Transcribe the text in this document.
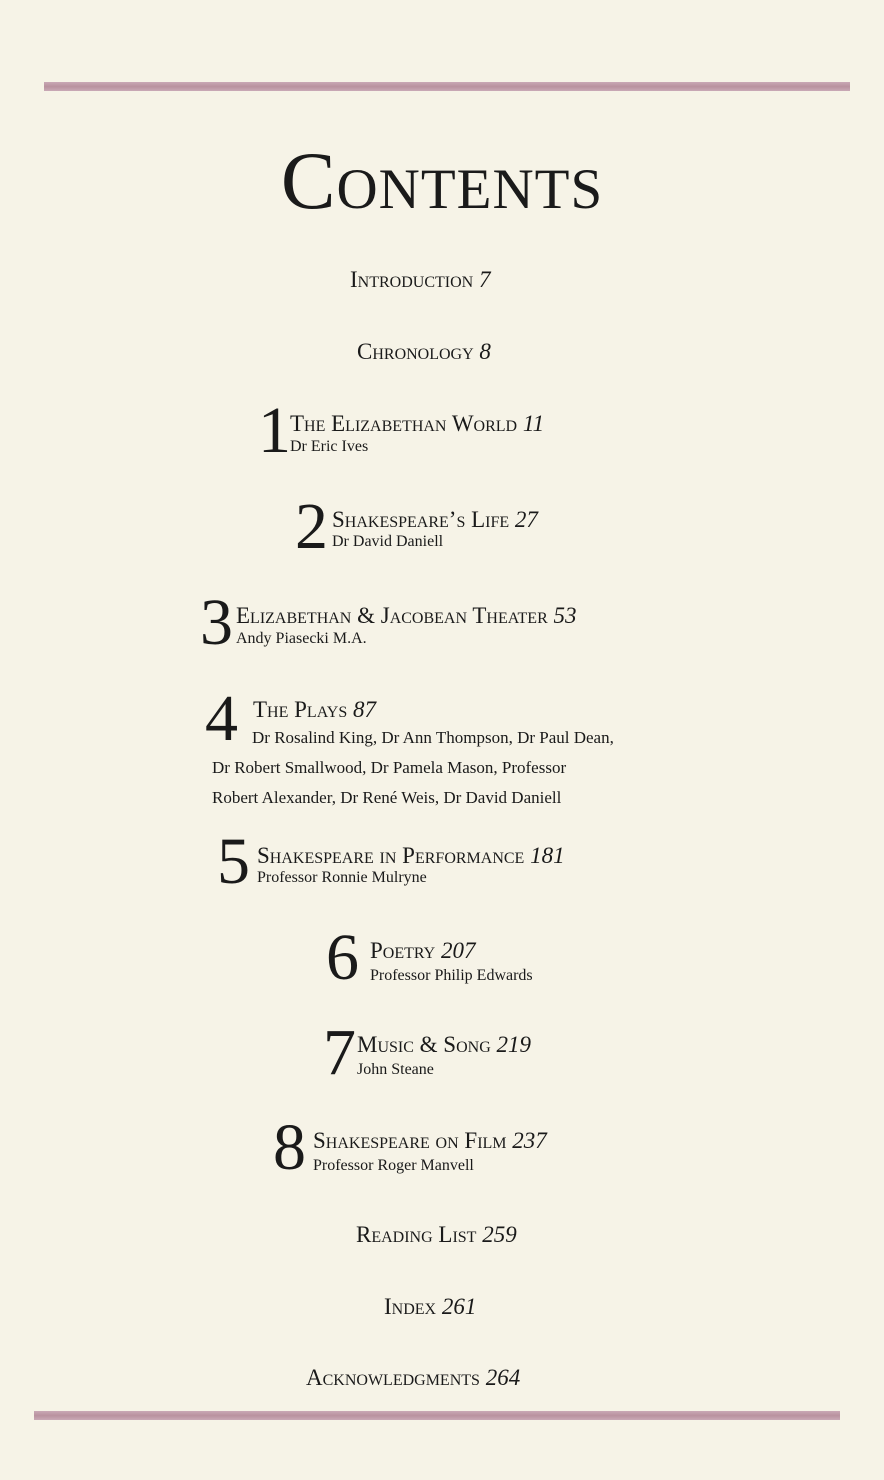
Contents
Introduction 7
Chronology 8
1 The Elizabethan World 11
Dr Eric Ives
2 Shakespeare’s Life 27
Dr David Daniell
3 Elizabethan & Jacobean Theater 53
Andy Piasecki M.A.
4 The Plays 87
Dr Rosalind King, Dr Ann Thompson, Dr Paul Dean,
Dr Robert Smallwood, Dr Pamela Mason, Professor
Robert Alexander, Dr René Weis, Dr David Daniell
5 Shakespeare in Performance 181
Professor Ronnie Mulryne
6 Poetry 207
Professor Philip Edwards
7 Music & Song 219
John Steane
8 Shakespeare on Film 237
Professor Roger Manvell
Reading List 259
Index 261
Acknowledgments 264
